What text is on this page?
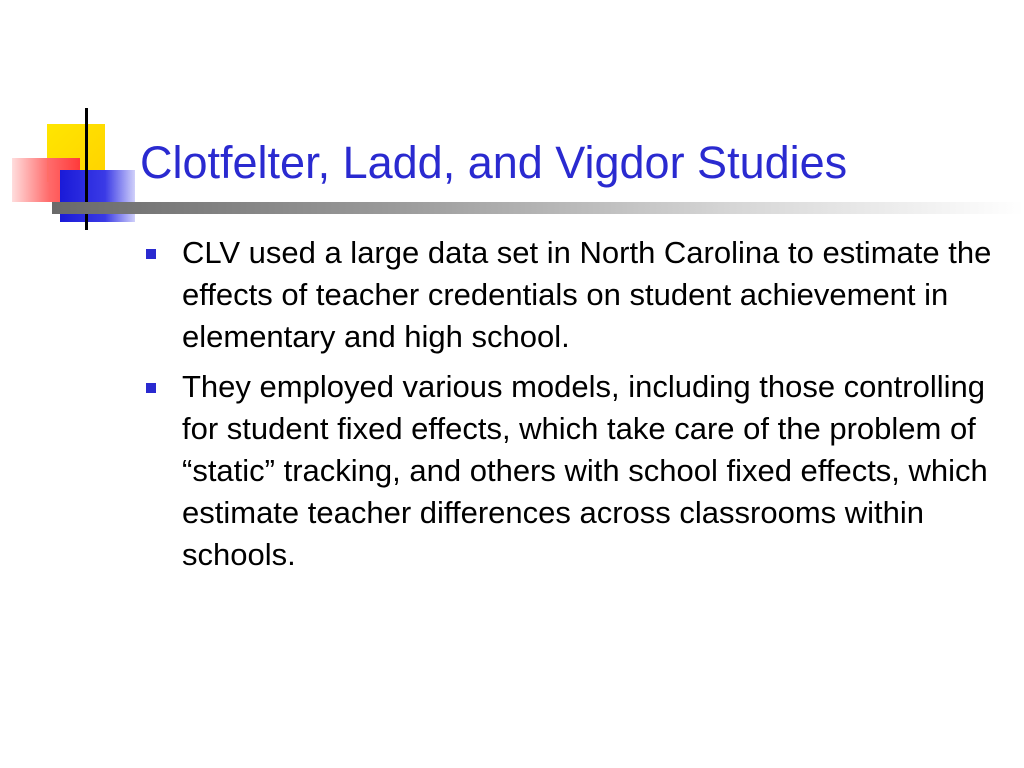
Clotfelter, Ladd, and Vigdor Studies
CLV used a large data set in North Carolina to estimate the effects of teacher credentials on student achievement in elementary and high school.
They employed various models, including those controlling for student fixed effects, which take care of the problem of “static” tracking, and others with school fixed effects, which estimate teacher differences across classrooms within schools.
